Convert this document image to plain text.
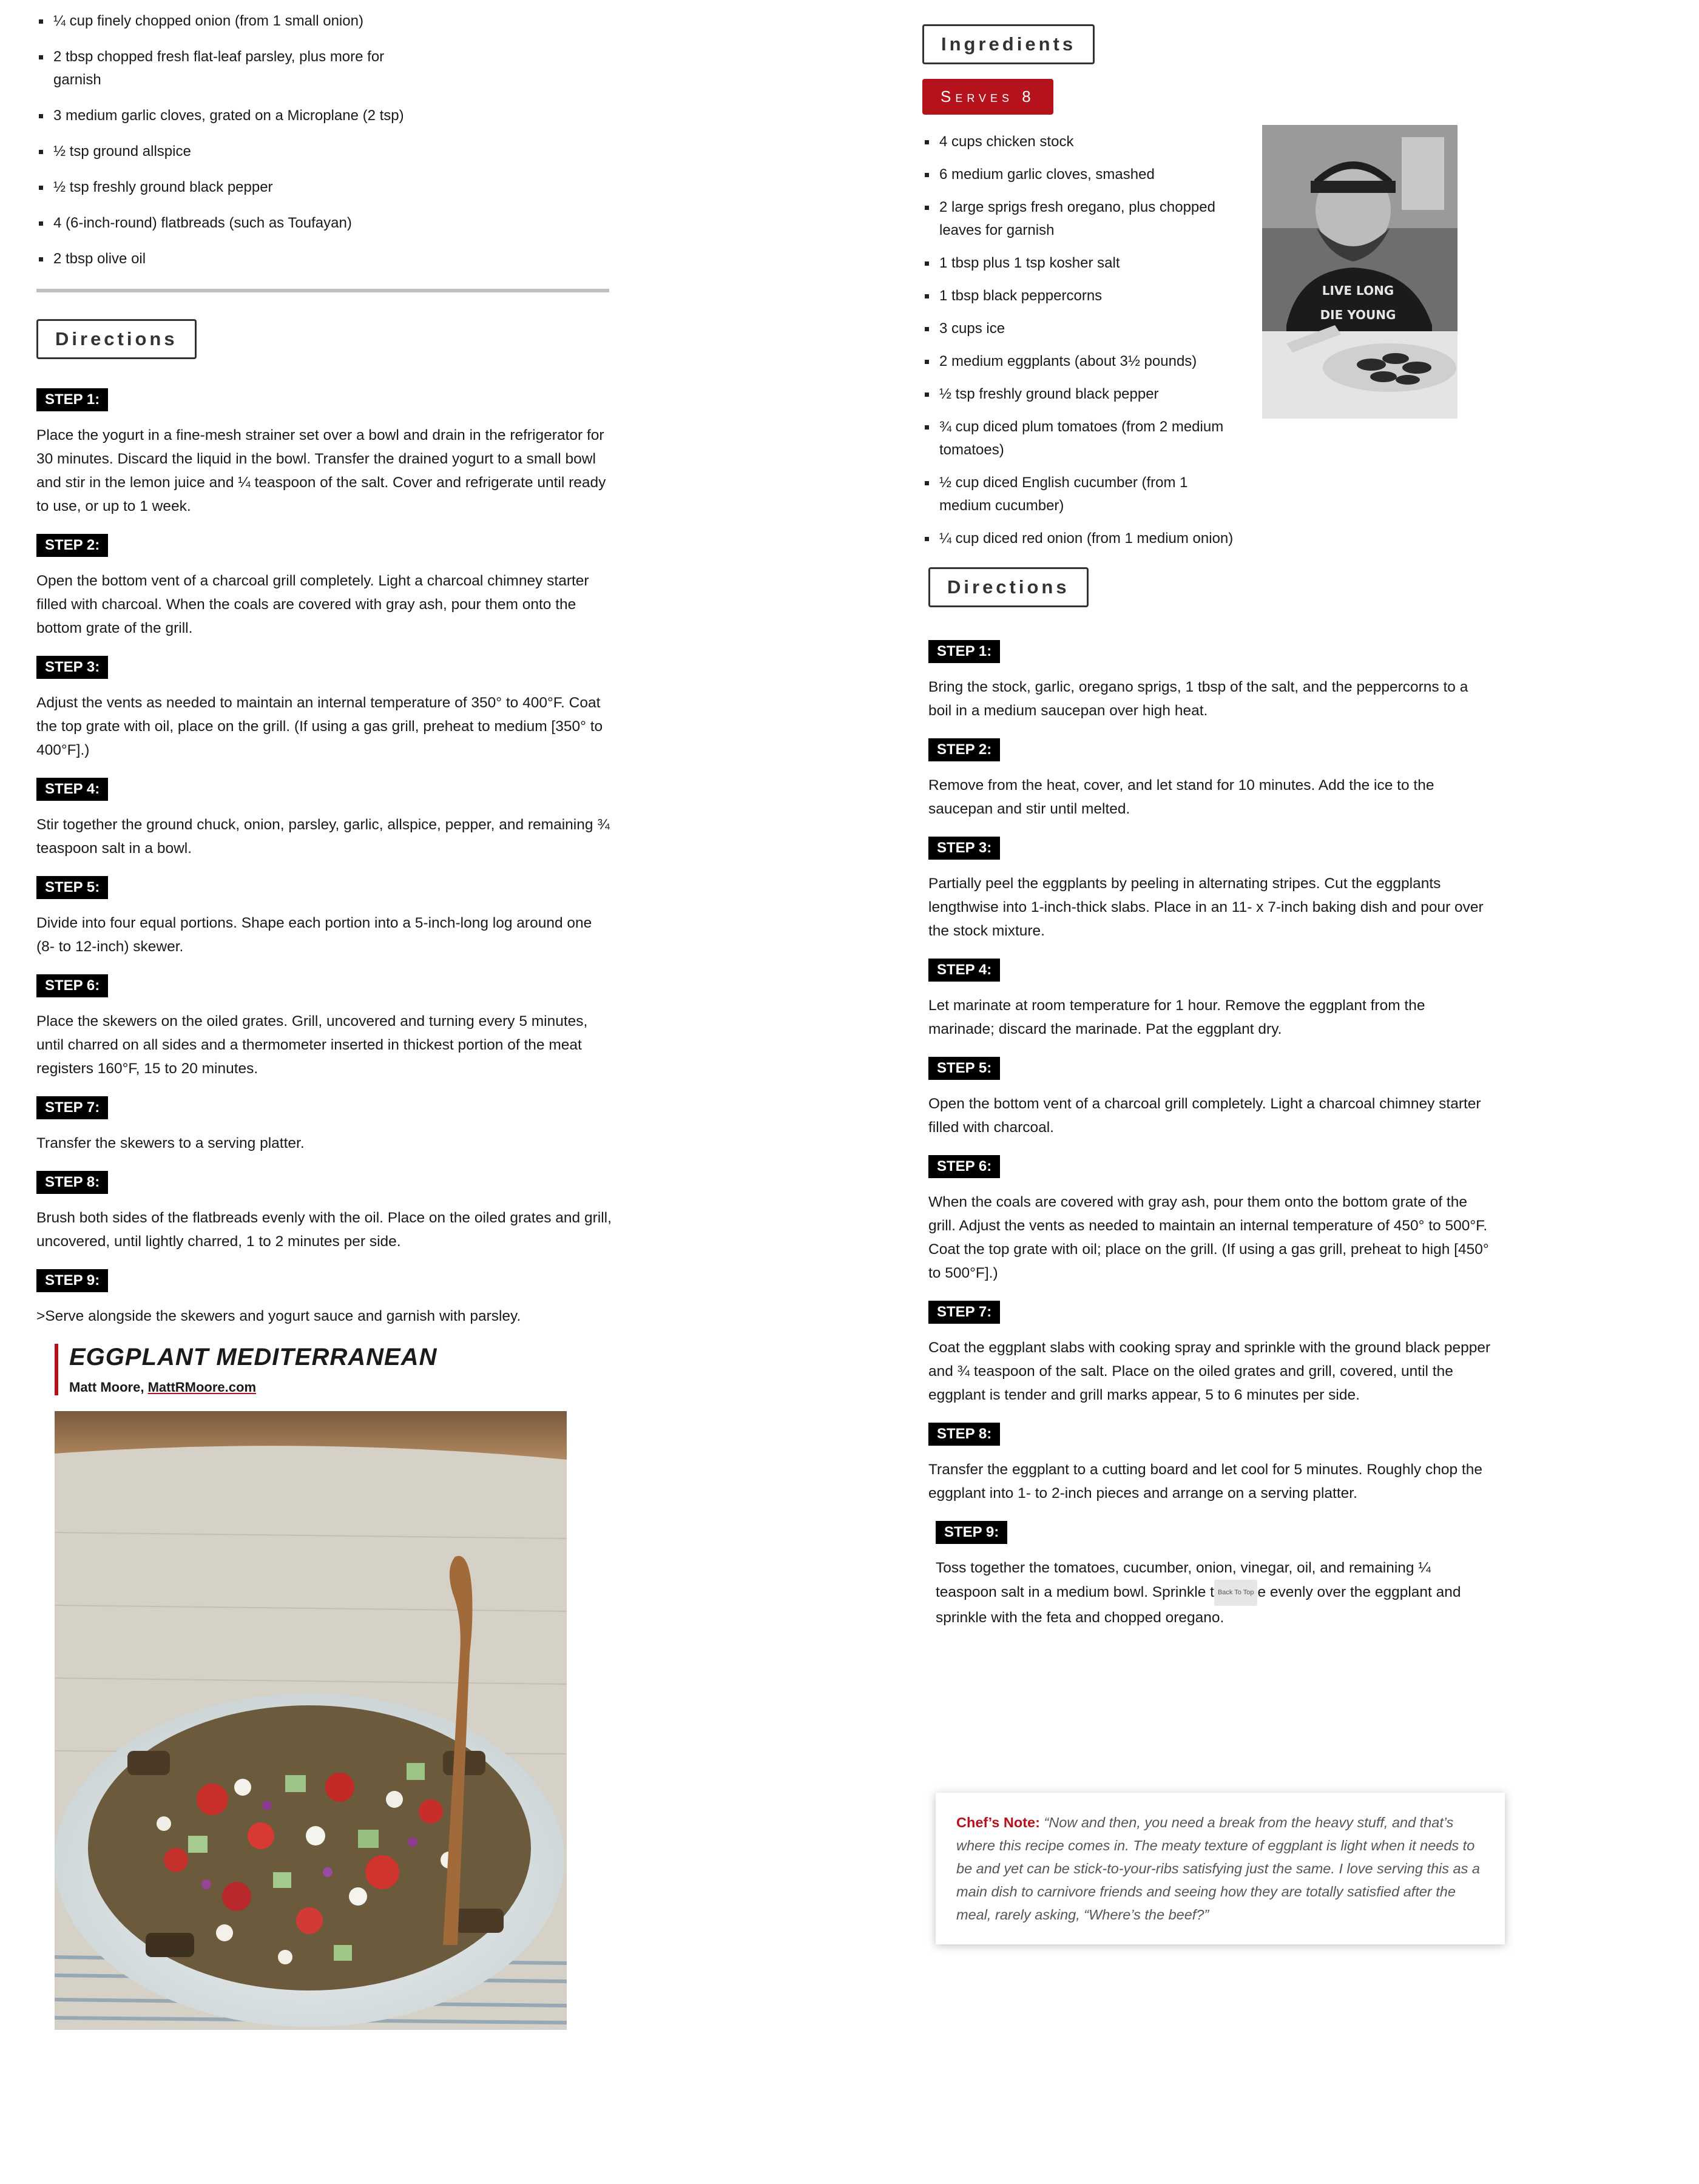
¼ cup finely chopped onion (from 1 small onion)
2 tbsp chopped fresh flat-leaf parsley, plus more for garnish
3 medium garlic cloves, grated on a Microplane (2 tsp)
½ tsp ground allspice
½ tsp freshly ground black pepper
4 (6-inch-round) flatbreads (such as Toufayan)
2 tbsp olive oil
Directions
STEP 1:

Place the yogurt in a fine-mesh strainer set over a bowl and drain in the refrigerator for 30 minutes. Discard the liquid in the bowl. Transfer the drained yogurt to a small bowl and stir in the lemon juice and ¼ teaspoon of the salt. Cover and refrigerate until ready to use, or up to 1 week.

STEP 2:

Open the bottom vent of a charcoal grill completely. Light a charcoal chimney starter filled with charcoal. When the coals are covered with gray ash, pour them onto the bottom grate of the grill.

STEP 3:

Adjust the vents as needed to maintain an internal temperature of 350° to 400°F. Coat the top grate with oil, place on the grill. (If using a gas grill, preheat to medium [350° to 400°F].)

STEP 4:

Stir together the ground chuck, onion, parsley, garlic, allspice, pepper, and remaining ¾ teaspoon salt in a bowl.

STEP 5:

Divide into four equal portions. Shape each portion into a 5-inch-long log around one (8- to 12-inch) skewer.

STEP 6:

Place the skewers on the oiled grates. Grill, uncovered and turning every 5 minutes, until charred on all sides and a thermometer inserted in thickest portion of the meat registers 160°F, 15 to 20 minutes.

STEP 7:

Transfer the skewers to a serving platter.

STEP 8:

Brush both sides of the flatbreads evenly with the oil. Place on the oiled grates and grill, uncovered, until lightly charred, 1 to 2 minutes per side.

STEP 9:

>Serve alongside the skewers and yogurt sauce and garnish with parsley.

EGGPLANT MEDITERRANEAN
Matt Moore, MattRMoore.com
Ingredients
Serves 8
4 cups chicken stock
6 medium garlic cloves, smashed
2 large sprigs fresh oregano, plus chopped leaves for garnish
1 tbsp plus 1 tsp kosher salt
1 tbsp black peppercorns
3 cups ice
2 medium eggplants (about 3½ pounds)
½ tsp freshly ground black pepper
¾ cup diced plum tomatoes (from 2 medium tomatoes)
½ cup diced English cucumber (from 1 medium cucumber)
¼ cup diced red onion (from 1 medium onion)
Directions
STEP 1:

Bring the stock, garlic, oregano sprigs, 1 tbsp of the salt, and the peppercorns to a boil in a medium saucepan over high heat.

STEP 2:

Remove from the heat, cover, and let stand for 10 minutes. Add the ice to the saucepan and stir until melted.

STEP 3:

Partially peel the eggplants by peeling in alternating stripes. Cut the eggplants lengthwise into 1-inch-thick slabs. Place in an 11- x 7-inch baking dish and pour over the stock mixture.

STEP 4:

Let marinate at room temperature for 1 hour. Remove the eggplant from the marinade; discard the marinade. Pat the eggplant dry.

STEP 5:

Open the bottom vent of a charcoal grill completely. Light a charcoal chimney starter filled with charcoal.

STEP 6:

When the coals are covered with gray ash, pour them onto the bottom grate of the grill. Adjust the vents as needed to maintain an internal temperature of 450° to 500°F. Coat the top grate with oil; place on the grill. (If using a gas grill, preheat to high [450° to 500°F].)

STEP 7:

Coat the eggplant slabs with cooking spray and sprinkle with the ground black pepper and ¾ teaspoon of the salt. Place on the oiled grates and grill, covered, until the eggplant is tender and grill marks appear, 5 to 6 minutes per side.

STEP 8:

Transfer the eggplant to a cutting board and let cool for 5 minutes. Roughly chop the eggplant into 1- to 2-inch pieces and arrange on a serving platter.

STEP 9:

Toss together the tomatoes, cucumber, onion, vinegar, oil, and remaining ¼ teaspoon salt in a medium bowl. Sprinkle t Back To Top e evenly over the eggplant and sprinkle with the feta and chopped oregano.

LIVE LONG
DIE YOUNG
Chef’s Note: “Now and then, you need a break from the heavy stuff, and that’s where this recipe comes in. The meaty texture of eggplant is light when it needs to be and yet can be stick-to-your-ribs satisfying just the same. I love serving this as a main dish to carnivore friends and seeing how they are totally satisfied after the meal, rarely asking, “Where’s the beef?”
